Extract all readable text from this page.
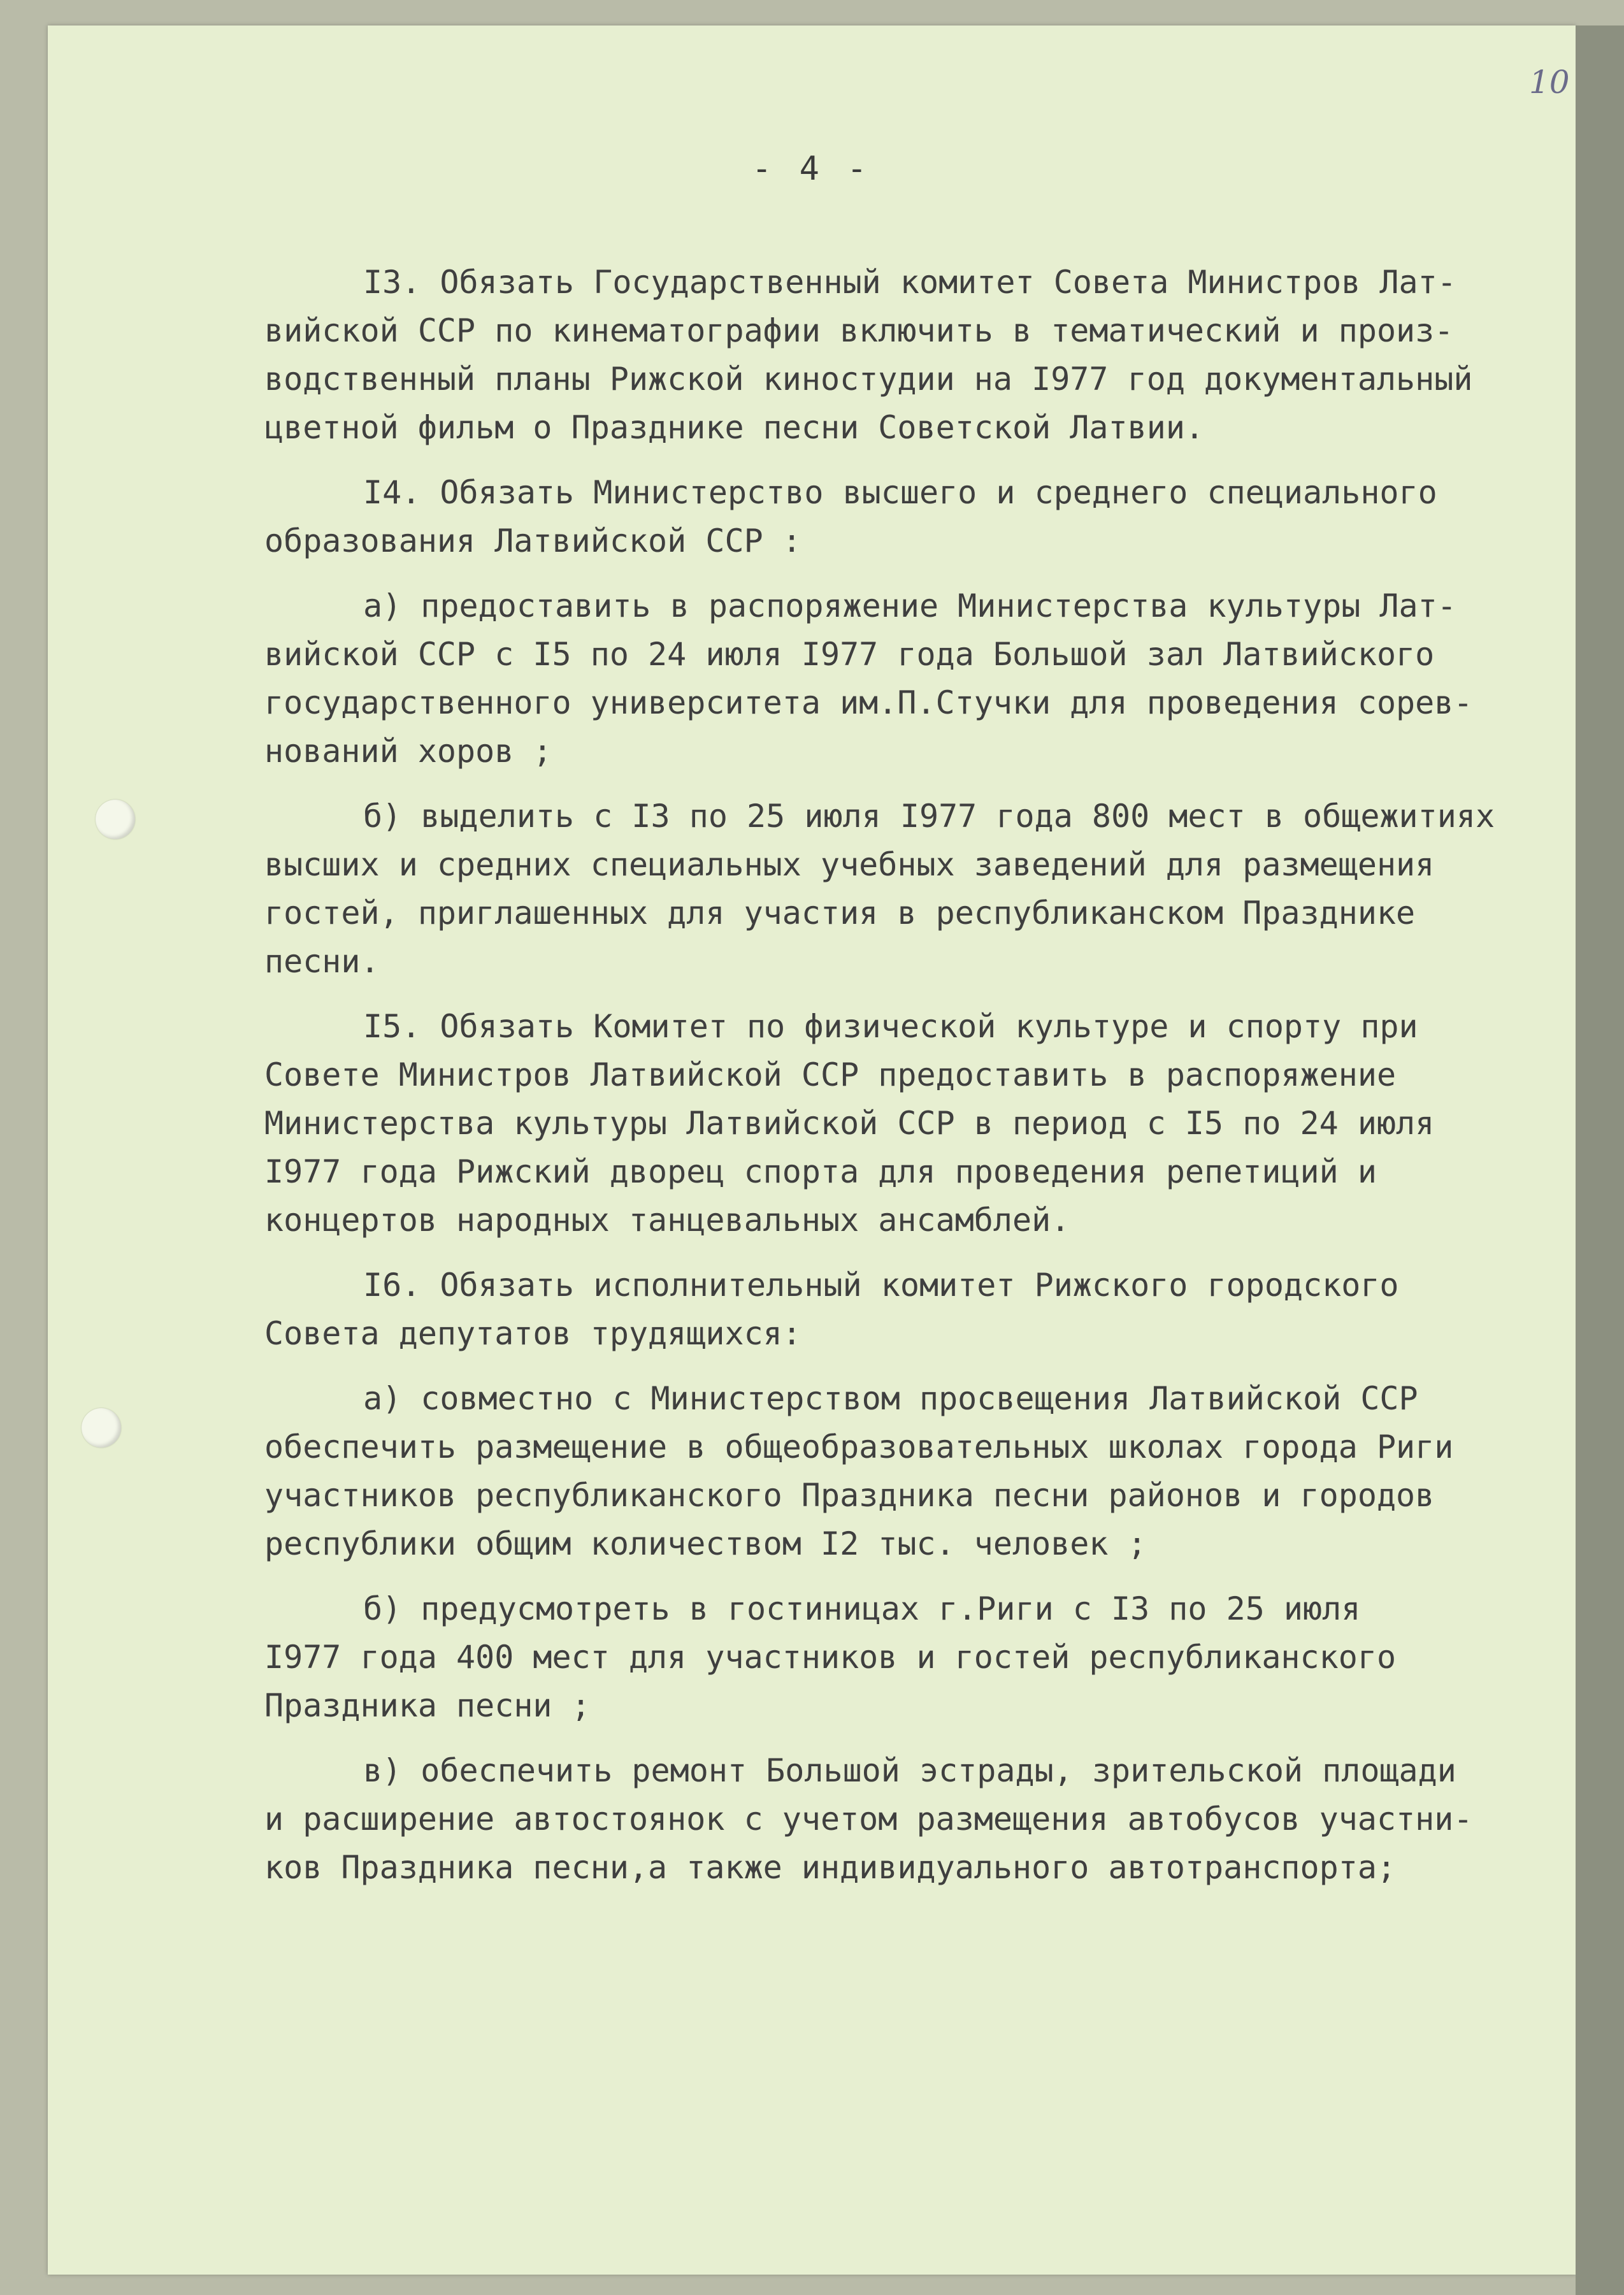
10

- 4 -

I3. Обязать Государственный комитет Совета Министров Лат-
вийской ССР по кинематографии включить в тематический и произ-
водственный планы Рижской киностудии на I977 год документальный
цветной фильм о Празднике песни Советской Латвии.

I4. Обязать Министерство высшего и среднего специального
образования Латвийской ССР :

а) предоставить в распоряжение Министерства культуры Лат-
вийской ССР с I5 по 24 июля I977 года Большой зал Латвийского
государственного университета им.П.Стучки для проведения сорев-
нований хоров ;

б) выделить с I3 по 25 июля I977 года 800 мест в общежитиях
высших и средних специальных учебных заведений для размещения
гостей, приглашенных для участия в республиканском Празднике
песни.

I5. Обязать Комитет по физической культуре и спорту при
Совете Министров Латвийской ССР предоставить в распоряжение
Министерства культуры Латвийской ССР в период с I5 по 24 июля
I977 года Рижский дворец спорта для проведения репетиций и
концертов народных танцевальных ансамблей.

I6. Обязать исполнительный комитет Рижского городского
Совета депутатов трудящихся:

а) совместно с Министерством просвещения Латвийской ССР
обеспечить размещение в общеобразовательных школах города Риги
участников республиканского Праздника песни районов и городов
республики общим количеством I2 тыс. человек ;

б) предусмотреть в гостиницах г.Риги с I3 по 25 июля
I977 года 400 мест для участников и гостей республиканского
Праздника песни ;

в) обеспечить ремонт Большой эстрады, зрительской площади
и расширение автостоянок с учетом размещения автобусов участни-
ков Праздника песни,а также индивидуального автотранспорта;
